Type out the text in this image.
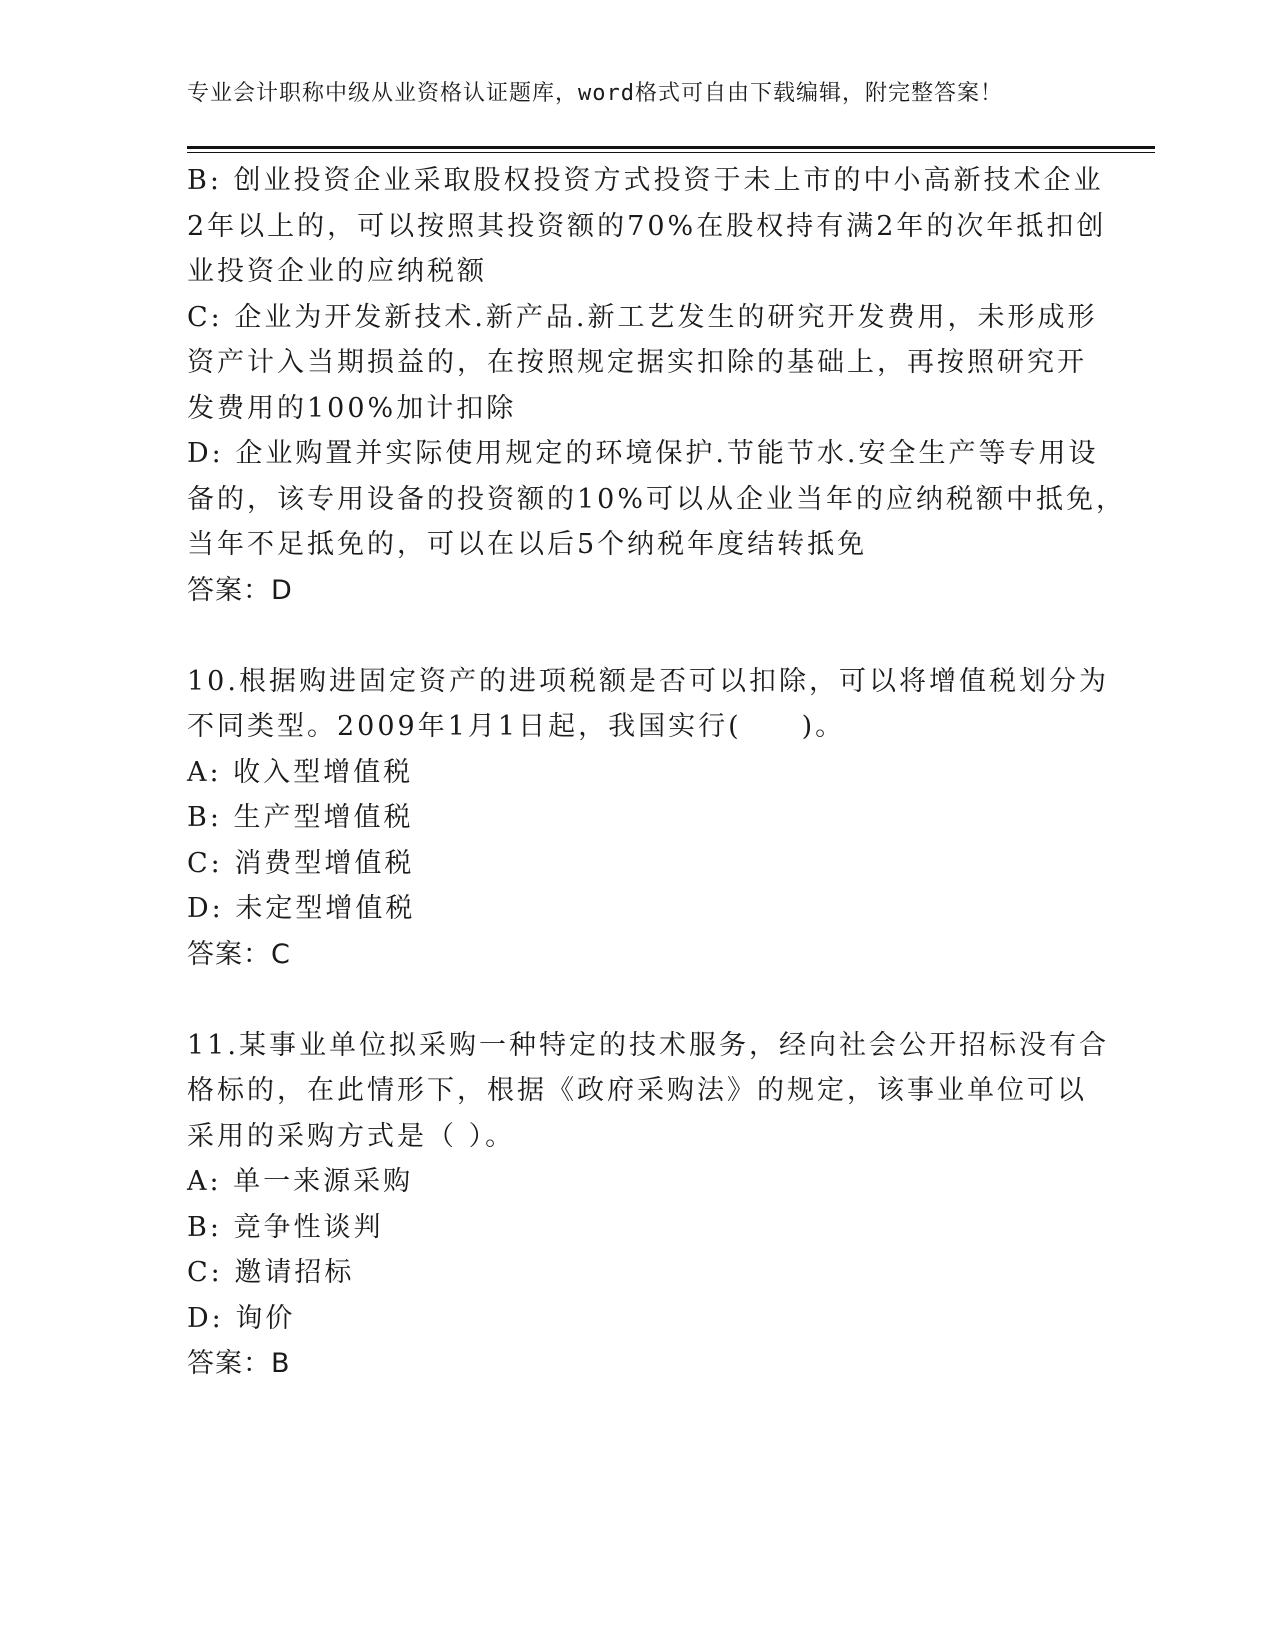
专业会计职称中级从业资格认证题库，word格式可自由下载编辑，附完整答案！
B: 创业投资企业采取股权投资方式投资于未上市的中小高新技术企业
2年以上的，可以按照其投资额的70%在股权持有满2年的次年抵扣创
业投资企业的应纳税额
C: 企业为开发新技术.新产品.新工艺发生的研究开发费用，未形成形
资产计入当期损益的，在按照规定据实扣除的基础上，再按照研究开
发费用的100%加计扣除
D: 企业购置并实际使用规定的环境保护.节能节水.安全生产等专用设
备的，该专用设备的投资额的10%可以从企业当年的应纳税额中抵免，
当年不足抵免的，可以在以后5个纳税年度结转抵免
答案：D
10.根据购进固定资产的进项税额是否可以扣除，可以将增值税划分为
不同类型。2009年1月1日起，我国实行(　　)。
A: 收入型增值税
B: 生产型增值税
C: 消费型增值税
D: 未定型增值税
答案：C
11.某事业单位拟采购一种特定的技术服务，经向社会公开招标没有合
格标的，在此情形下，根据《政府采购法》的规定，该事业单位可以
采用的采购方式是（ ）。
A: 单一来源采购
B: 竞争性谈判
C: 邀请招标
D: 询价
答案：B
